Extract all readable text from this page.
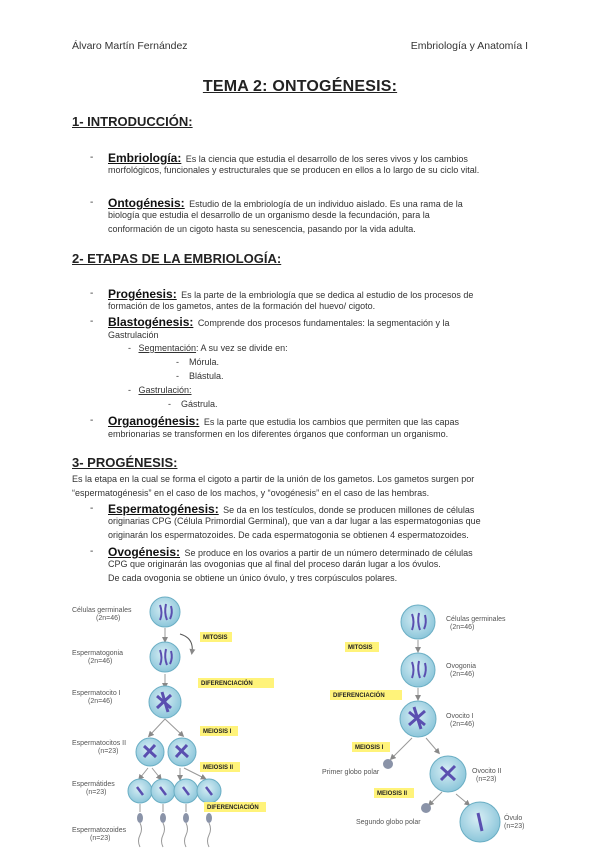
Álvaro Martín Fernández	Embriología y Anatomía I
TEMA 2: ONTOGÉNESIS:
1- INTRODUCCIÓN:
- Embriología: Es la ciencia que estudia el desarrollo de los seres vivos y los cambios
morfológicos, funcionales y estructurales que se producen en ellos a lo largo de su ciclo vital.
- Ontogénesis: Estudio de la embriología de un individuo aislado. Es una rama de la
biología que estudia el desarrollo de un organismo desde la fecundación, para la
conformación de un cigoto hasta su senescencia, pasando por la vida adulta.
2- ETAPAS DE LA EMBRIOLOGÍA:
- Progénesis: Es la parte de la embriología que se dedica al estudio de los procesos de
formación de los gametos, antes de la formación del huevo/ cigoto.
- Blastogénesis: Comprende dos procesos fundamentales: la segmentación y la
Gastrulación
-   Segmentación: A su vez se divide en:
-    Mórula.
-    Blástula.
-   Gastrulación:
-    Gástrula.
- Organogénesis: Es la parte que estudia los cambios que permiten que las capas
embrionarias se transformen en los diferentes órganos que conforman un organismo.
3- PROGÉNESIS:
Es la etapa en la cual se forma el cigoto a partir de la unión de los gametos. Los gametos surgen por
“espermatogénesis” en el caso de los machos, y “ovogénesis” en el caso de las hembras.
- Espermatogénesis: Se da en los testículos, donde se producen millones de células
originarias CPG (Célula Primordial Germinal), que van a dar lugar a las espermatogonias que
originarán los espermatozoides. De cada espermatogonia se obtienen 4 espermatozoides.
- Ovogénesis: Se produce en los ovarios a partir de un número determinado de células
CPG que originarán las ovogonias que al final del proceso darán lugar a los óvulos.
De cada ovogonia se obtiene un único óvulo, y tres corpúsculos polares.
Células germinales
(2n=46)
Espermatogonia
(2n=46)
Espermatocito I
(2n=46)
Espermatocitos II
(n=23)
Espermátides
(n=23)
Espermatozoides
(n=23)
MITOSIS
DIFERENCIACIÓN
MEIOSIS I
MEIOSIS II
DIFERENCIACIÓN
Células germinales
(2n=46)
Ovogonia
(2n=46)
Ovocito I
(2n=46)
Primer globo polar	Ovocito II
(n=23)
Segundo globo polar
Óvulo
(n=23)
MITOSIS
DIFERENCIACIÓN
MEIOSIS I
MEIOSIS II
